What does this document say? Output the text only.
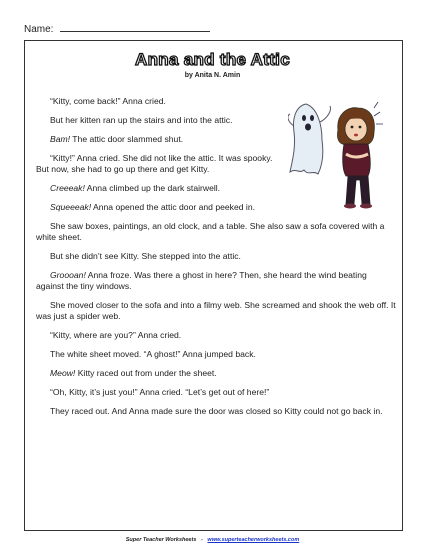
Name:
Anna and the Attic
by Anita N. Amin

“Kitty, come back!” Anna cried.

But her kitten ran up the stairs and into the attic.

Bam! The attic door slammed shut.

“Kitty!” Anna cried. She did not like the attic. It was spooky. But now, she had to go up there and get Kitty.

Creeeak! Anna climbed up the dark stairwell.

Squeeeak! Anna opened the attic door and peeked in.

She saw boxes, paintings, an old clock, and a table. She also saw a sofa covered with a white sheet.

But she didn’t see Kitty. She stepped into the attic.

Groooan! Anna froze. Was there a ghost in here? Then, she heard the wind beating against the tiny windows.

She moved closer to the sofa and into a filmy web. She screamed and shook the web off. It was just a spider web.

“Kitty, where are you?” Anna cried.

The white sheet moved. “A ghost!” Anna jumped back.

Meow! Kitty raced out from under the sheet.

“Oh, Kitty, it’s just you!” Anna cried. “Let’s get out of here!”

They raced out. And Anna made sure the door was closed so Kitty could not go back in.

Super Teacher Worksheets - www.superteacherworksheets.com
